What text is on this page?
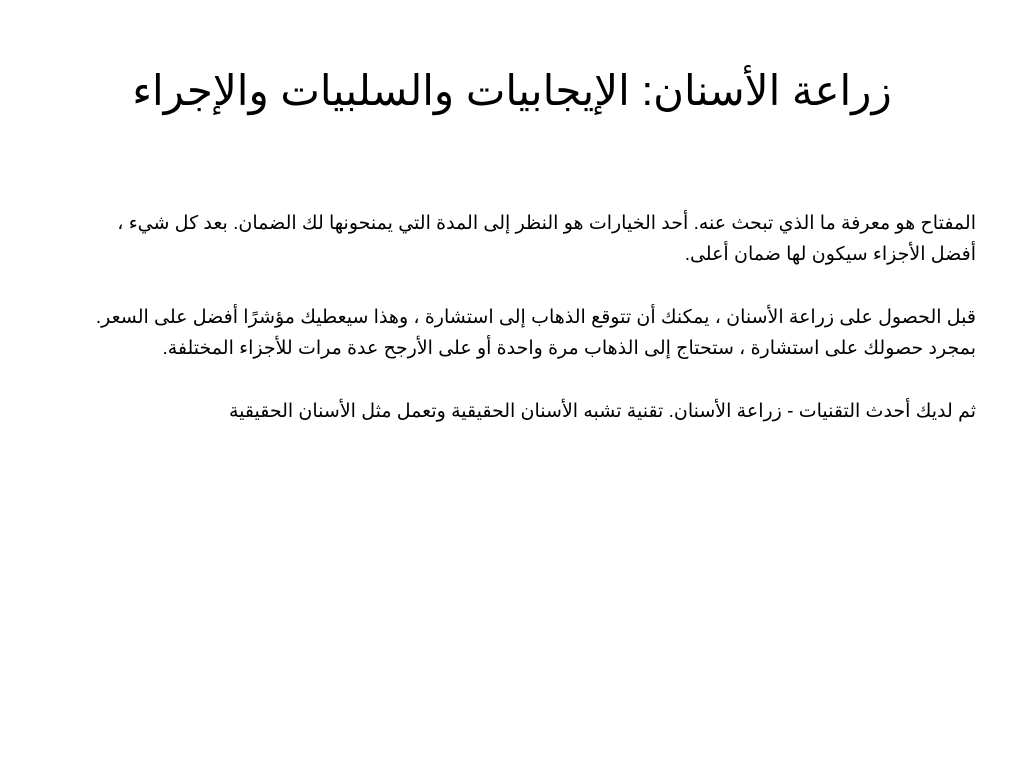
زراعة الأسنان: الإيجابيات والسلبيات والإجراء

المفتاح هو معرفة ما الذي تبحث عنه. أحد الخيارات هو النظر إلى المدة التي يمنحونها لك الضمان. بعد كل شيء ، أفضل الأجزاء سيكون لها ضمان أعلى.

قبل الحصول على زراعة الأسنان ، يمكنك أن تتوقع الذهاب إلى استشارة ، وهذا سيعطيك مؤشرًا أفضل على السعر. بمجرد حصولك على استشارة ، ستحتاج إلى الذهاب مرة واحدة أو على الأرجح عدة مرات للأجزاء المختلفة.

ثم لديك أحدث التقنيات - زراعة الأسنان. تقنية تشبه الأسنان الحقيقية وتعمل مثل الأسنان الحقيقية
